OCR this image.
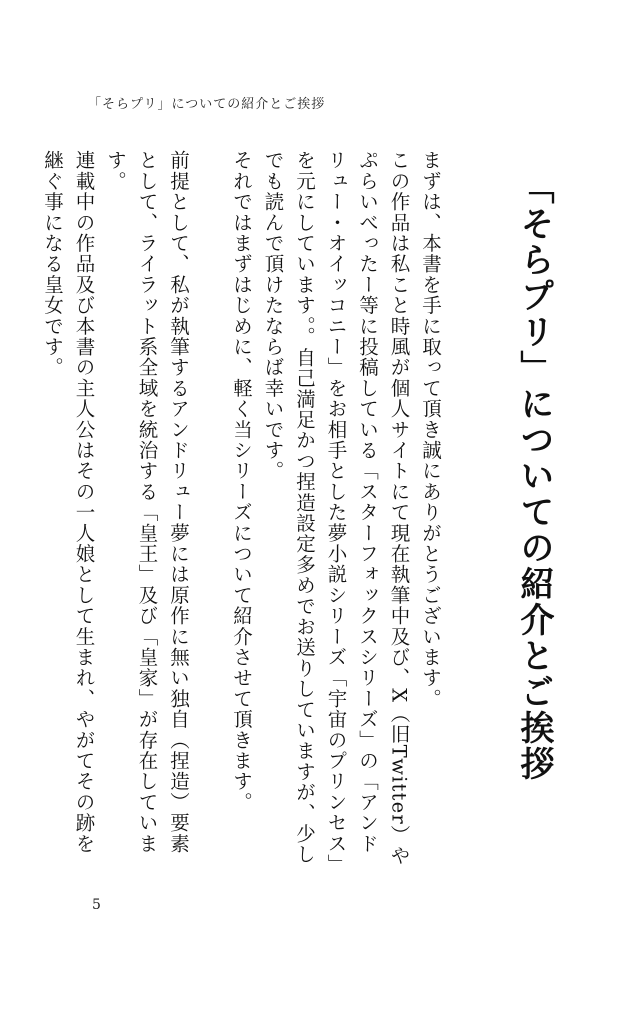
「そらプリ」についての紹介とご挨拶
「そらプリ」についての紹介とご挨拶

まずは、本書を手に取って頂き誠にありがとうございます。

この作品は私こと時風が個人サイトにて現在執筆中及び、X（旧Twitter）やぷらいべったー等に投稿している「スターフォックスシリーズ」の「アンドリュー・オイッコニー」をお相手とした夢小説シリーズ「宇宙のプリンセス」を元にしています。。自己満足かつ捏造設定多めでお送りしていますが、少しでも読んで頂けたならば幸いです。

それではまずはじめに、軽く当シリーズについて紹介させて頂きます。

前提として、私が執筆するアンドリュー夢には原作に無い独自（捏造）要素として、ライラット系全域を統治する「皇王」及び「皇家」が存在しています。

連載中の作品及び本書の主人公はその一人娘として生まれ、やがてその跡を継ぐ事になる皇女です。

5
